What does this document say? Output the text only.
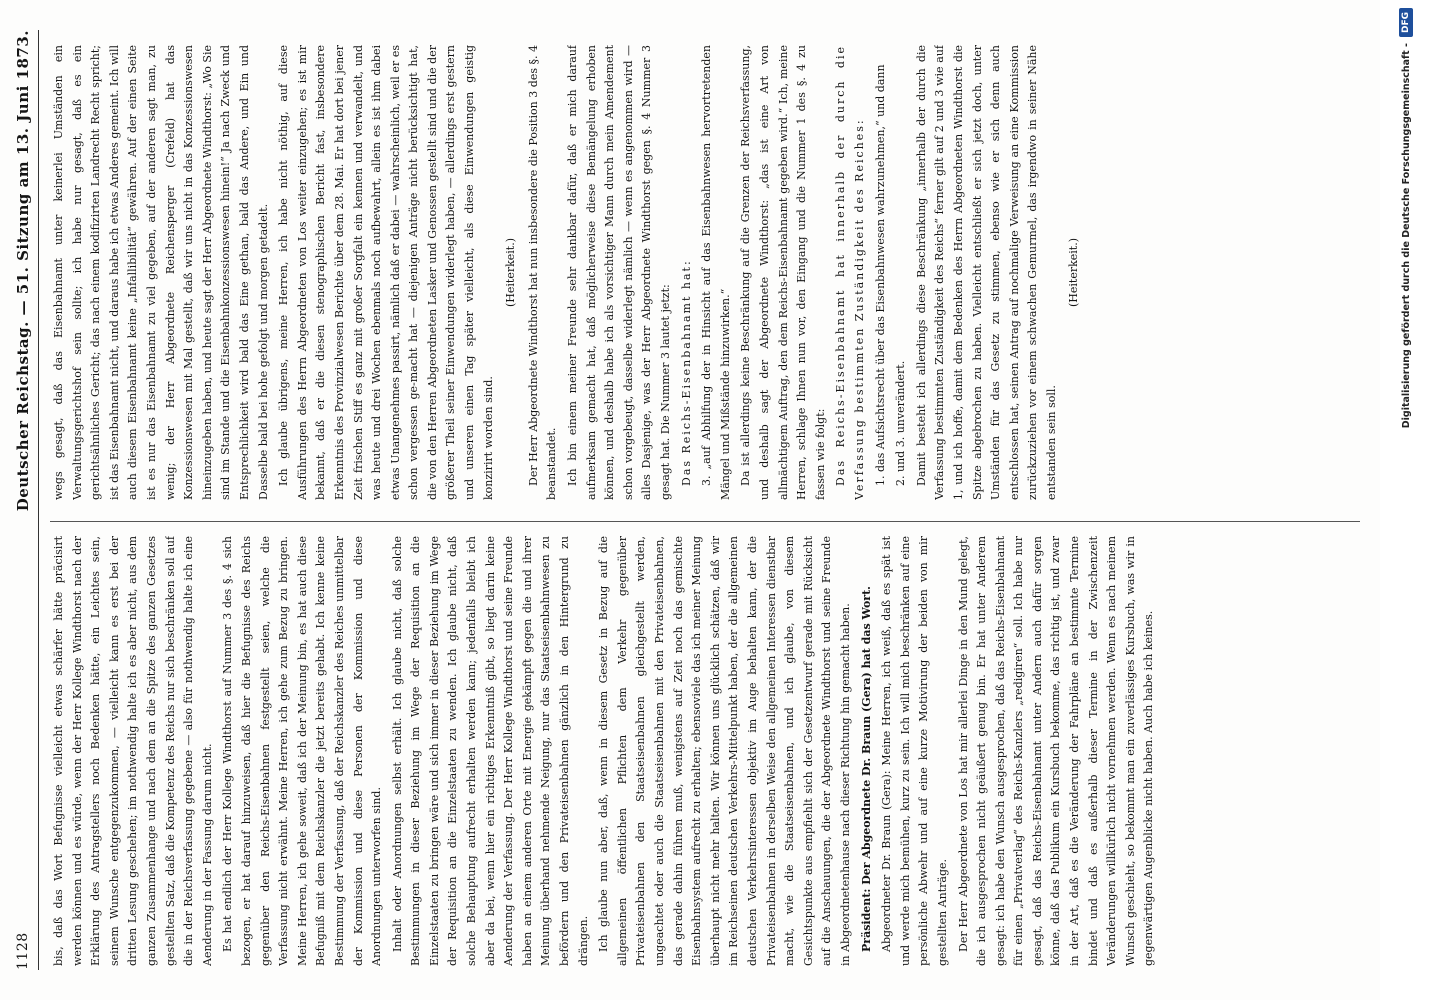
1128
Deutscher Reichstag. — 51. Sitzung am 13. Juni 1873.

bis, daß das Wort Befugnisse vielleicht etwas schärfer hätte präcisirt werden können und es würde, wenn der Herr Kollege Windthorst nach der Erklärung des Antragstellers noch Bedenken hätte, ein Leichtes sein, seinem Wunsche entgegenzukommen, — vielleicht kann es erst bei der dritten Lesung geschehen; im nothwendig halte ich es aber nicht, aus dem ganzen Zusammenhange und nach dem an die Spitze des ganzen Gesetzes gestellten Satz, daß die Kompetenz des Reichs nur sich beschränken soll auf die in der Reichsverfassung gegebene — also für nothwendig halte ich eine Aenderung in der Fassung darum nicht. Es hat endlich der Herr Kollege Windthorst auf Nummer 3 des §. 4 sich bezogen, er hat darauf hinzuweisen, daß hier die Befugnisse des Reichs gegenüber den Reichs-Eisenbahnen festgestellt seien, welche die Verfassung nicht erwähnt. Meine Herren, ich gehe zum Bezug zu bringen. Meine Herren, ich gehe soweit, daß ich der Meinung bin, es hat auch diese Befugniß mit dem Reichskanzler die jetzt bereits gehabt. Ich kenne keine Bestimmung der Verfassung, daß der Reichskanzler des Reiches unmittelbar der Kommission und diese Personen der Kommission und diese Anordnungen unterworfen sind. Inhalt oder Anordnungen selbst erhält. Ich glaube nicht, daß solche Bestimmungen in dieser Beziehung im Wege der Requisition an die Einzelstaaten zu bringen wäre und sich immer in dieser Beziehung im Wege der Requisition an die Einzelstaaten zu wenden. Ich glaube nicht, daß solche Behauptung aufrecht erhalten werden kann; jedenfalls bleibt ich aber da bei, wenn hier ein richtiges Erkenntniß gibt, so liegt darin keine Aenderung der Verfassung. Der Herr Kollege Windthorst und seine Freunde haben an einem anderen Orte mit Energie gekämpft gegen die und ihrer Meinung überhand nehmende Neigung, nur das Staatseisenbahnwesen zu befördern und den Privateisenbahnen gänzlich in den Hintergrund zu drängen. Ich glaube nun aber, daß, wenn in diesem Gesetz in Bezug auf die allgemeinen öffentlichen Pflichten dem Verkehr gegenüber Privateisenbahnen den Staatseisenbahnen gleichgestellt werden, ungeachtet oder auch die Staatseisenbahnen mit den Privateisenbahnen, das gerade dahin führen muß, wenigstens auf Zeit noch das gemischte Eisenbahnsystem aufrecht zu erhalten; ebensoviele das ich meiner Meinung überhaupt nicht mehr halten. Wir können uns glücklich schätzen, daß wir im Reichseinen deutschen Verkehrs-Mittelpunkt haben, der die allgemeinen deutschen Verkehrsinteressen objektiv im Auge behalten kann, der die Privateisenbahnen in derselben Weise den allgemeinen Interessen dienstbar macht, wie die Staatseisenbahnen, und ich glaube, von diesem Gesichtspunkte aus empfiehlt sich der Gesetzentwurf gerade mit Rücksicht auf die Anschauungen, die der Abgeordnete Windthorst und seine Freunde in Abgeordnetenhause nach dieser Richtung hin gemacht haben. Präsident: Der Abgeordnete Dr. Braun (Gera) hat das Wort. Abgeordneter Dr. Braun (Gera): Meine Herren, ich weiß, daß es spät ist und werde mich bemühen, kurz zu sein. Ich will mich beschränken auf eine persönliche Abwehr und auf eine kurze Motivirung der beiden von mir gestellten Anträge. Der Herr Abgeordnete von Los hat mir allerlei Dinge in den Mund gelegt, die ich ausgesprochen nicht geäußert genug bin. Er hat unter Anderem gesagt: ich habe den Wunsch ausgesprochen, daß das Reichs-Eisenbahnamt für einen „Privatverlag“ des Reichs-Kanzlers „redigiren“ soll. Ich habe nur gesagt, daß das Reichs-Eisenbahnamt unter Andern auch dafür sorgen könne, daß das Publikum ein Kursbuch bekomme, das richtig ist, und zwar in der Art, daß es die Veränderung der Fahrpläne an bestimmte Termine bindet und daß es außerhalb dieser Termine in der Zwischenzeit Veränderungen willkürlich nicht vornehmen werden. Wenn es nach meinem Wunsch geschieht, so bekommt man ein zuverlässiges Kursbuch, was wir in gegenwärtigen Augenblicke nicht haben. Auch habe ich keines.

wegs gesagt, daß das Eisenbahnamt unter keinerlei Umständen ein Verwaltungsgerichtshof sein sollte; ich habe nur gesagt, daß es ein gerichtsähnliches Gericht; das nach einem kodifizirten Landrecht Recht spricht; ist das Eisenbahnamt nicht, und daraus habe ich etwas Anderes gemeint. Ich will auch diesem Eisenbahnamt keine „Infallibilität“ gewähren. Auf der einen Seite ist es nur das Eisenbahnamt zu viel gegeben, auf der anderen sagt man, zu wenig; der Herr Abgeordnete Reichensperger (Crefeld) hat das Konzessionswesen mit Mal gestellt, daß wir uns nicht in das Konzessionswesen hineinzugeben haben, und heute sagt der Herr Abgeordnete Windthorst: „Wo Sie sind im Stande und die Eisenbahnkonzessionswesen hinein!“ Ja nach Zweck und Entsprechlichkeit wird bald das Eine gethan, bald das Andere, und Ein und Dasselbe bald bei hohe gefolgt und morgen getadelt. Ich glaube übrigens, meine Herren, ich habe nicht nöthig, auf diese Ausführungen des Herrn Abgeordneten von Los weiter einzugehen; es ist mir bekannt, daß er die diesen stenographischen Bericht fast, insbesondere Erkenntnis des Provinzialwesen Berichte über dem 28. Mai. Er hat dort bei jener Zeit frischen Stiff es ganz mit großer Sorgfalt ein kennen und verwandelt, und was heute und drei Wochen ebenmals noch aufbewahrt, allein es ist ihm dabei etwas Unangenehmes passirt, nämlich daß er dabei — wahrscheinlich, weil er es schon vergessen ge-macht hat — diejenigen Anträge nicht berücksichtigt hat, die von den Herren Abgeordneten Lasker und Genossen gestellt sind und die der größerer Theil seiner Einwendungen widerlegt haben, — allerdings erst gestern und unseren einen Tag später vielleicht, als diese Einwendungen geistig konzirirt worden sind.

(Heiterkeit.) Der Herr Abgeordnete Windthorst hat nun insbesondere die Position 3 des §. 4 beanstandet. Ich bin einem meiner Freunde sehr dankbar dafür, daß er mich darauf aufmerksam gemacht hat, daß möglicherweise diese Bemängelung erhoben können, und deshalb habe ich als vorsichtiger Mann durch mein Amendement schon vorgebeugt, dasselbe widerlegt nämlich — wenn es angenommen wird — alles Dasjenige, was der Herr Abgeordnete Windthorst gegen §. 4 Nummer 3 gesagt hat. Die Nummer 3 lautet jetzt: Das Reichs-Eisenbahnamt hat: 3. „auf Abhilfung der in Hinsicht auf das Eisenbahnwesen hervortretenden Mängel und Mißstände hinzuwirken.“ Da ist allerdings keine Beschränkung auf die Grenzen der Reichsverfassung, und deshalb sagt der Abgeordnete Windthorst: „das ist eine Art von allmächtigem Auftrag, den dem Reichs-Eisenbahnamt gegeben wird.“ Ich, meine Herren, schlage Ihnen nun vor, den Eingang und die Nummer 1 des §. 4 zu fassen wie folgt: Das Reichs-Eisenbahnamt hat innerhalb der durch die Verfassung bestimmten Zuständigkeit des Reiches: 1. das Aufsichtsrecht über das Eisenbahnwesen wahrzunehmen,“ und dann 2. und 3. unverändert. Damit besteht ich allerdings diese Beschränkung „innerhalb der durch die Verfassung bestimmten Zuständigkeit des Reichs“ ferner gilt auf 2 und 3 wie auf 1, und ich hoffe, damit dem Bedenken des Herrn Abgeordneten Windthorst die Spitze abgebrochen zu haben. Vielleicht entschließt er sich jetzt doch, unter Umständen für das Gesetz zu stimmen, ebenso wie er sich denn auch entschlossen hat, seinen Antrag auf nochmalige Verweisung an eine Kommission zurückzuziehen vor einem schwachen Gemurmel, das irgendwo in seiner Nähe entstanden sein soll.

(Heiterkeit.)	Digitalisierung gefördert durch die Deutsche Forschungsgemeinschaft -
DFG
